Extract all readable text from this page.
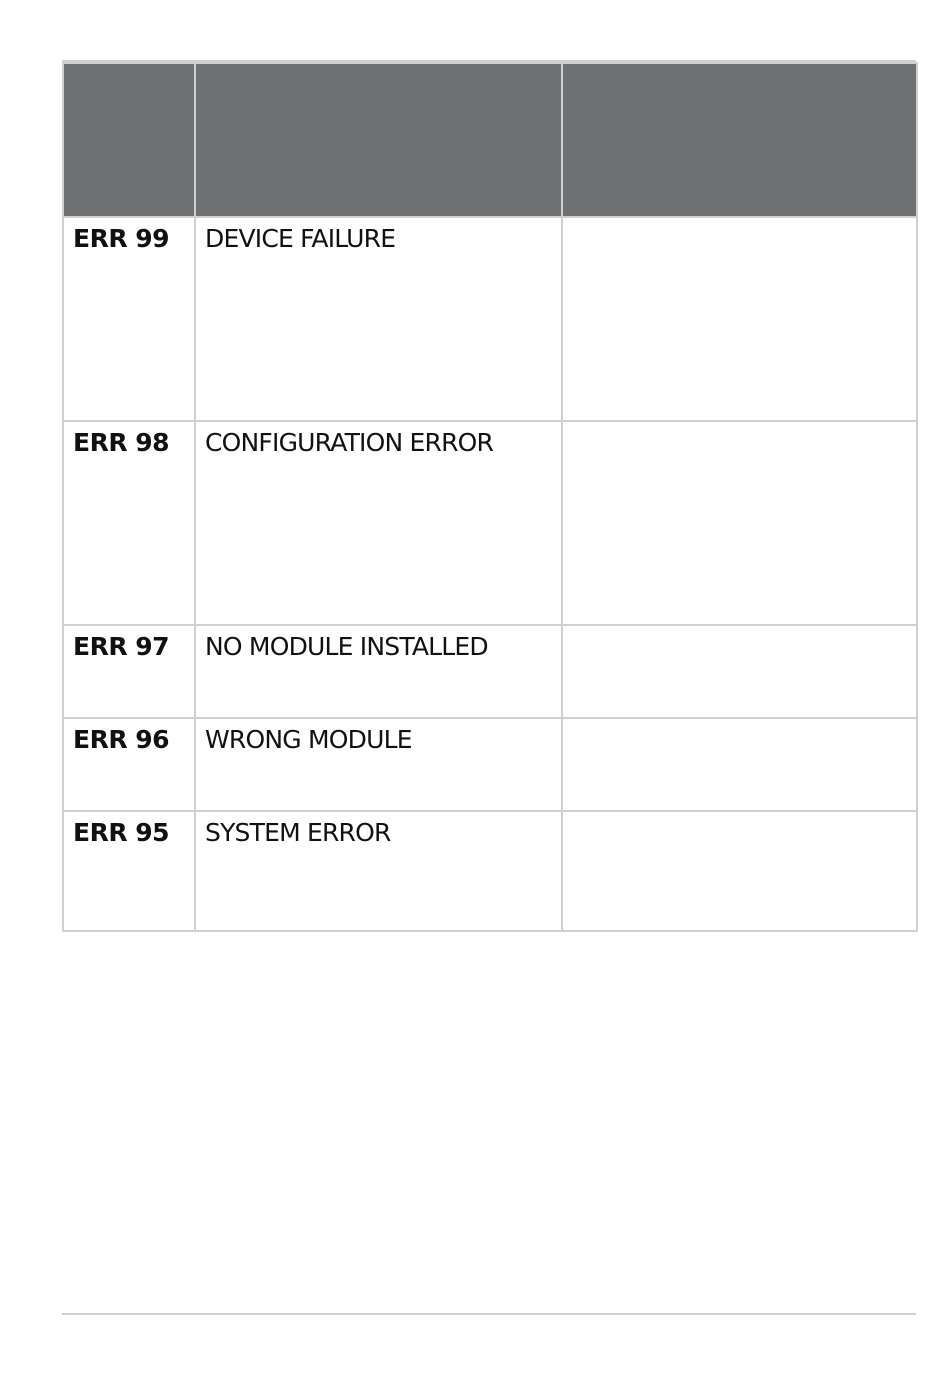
ERR 99	DEVICE FAILURE	
ERR 98	CONFIGURATION ERROR	
ERR 97	NO MODULE INSTALLED	
ERR 96	WRONG MODULE	
ERR 95	SYSTEM ERROR	
